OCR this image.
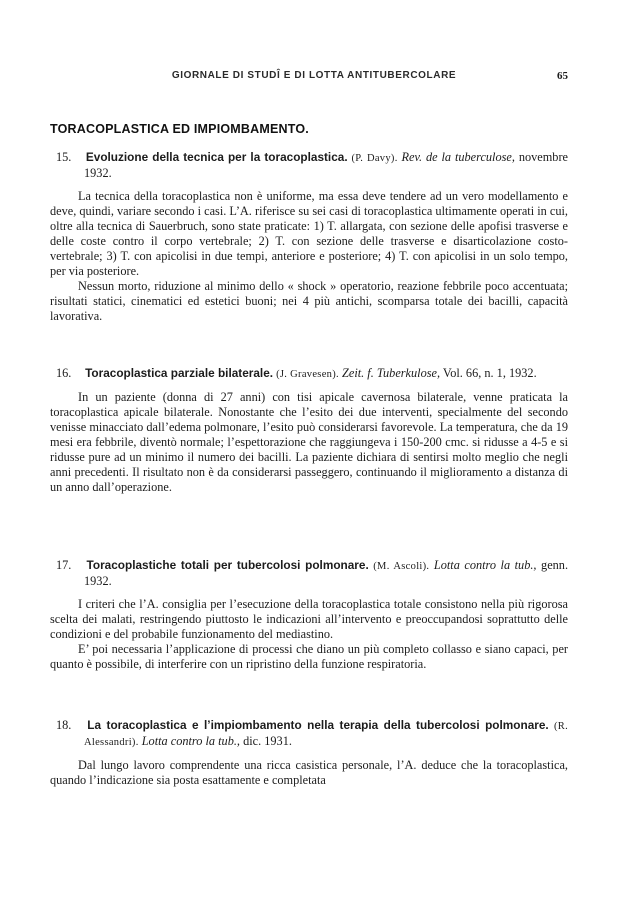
GIORNALE DI STUDÎ E DI LOTTA ANTITUBERCOLARE	65
TORACOPLASTICA ED IMPIOMBAMENTO.

15. Evoluzione della tecnica per la toracoplastica. (P. Davy). Rev. de la tuberculose, novembre 1932.

La tecnica della toracoplastica non è uniforme, ma essa deve tendere ad un vero modellamento e deve, quindi, variare secondo i casi. L’A. riferisce su sei casi di toracoplastica ultimamente operati in cui, oltre alla tecnica di Sauerbruch, sono state praticate: 1) T. allargata, con sezione delle apofisi trasverse e delle coste contro il corpo vertebrale; 2) T. con sezione delle trasverse e disarticolazione costo-vertebrale; 3) T. con apicolisi in due tempi, anteriore e posteriore; 4) T. con apicolisi in un solo tempo, per via posteriore.

Nessun morto, riduzione al minimo dello « shock » operatorio, reazione febbrile poco accentuata; risultati statici, cinematici ed estetici buoni; nei 4 più antichi, scomparsa totale dei bacilli, capacità lavorativa.

16. Toracoplastica parziale bilaterale. (J. Gravesen). Zeit. f. Tuberkulose, Vol. 66, n. 1, 1932.

In un paziente (donna di 27 anni) con tisi apicale cavernosa bilaterale, venne praticata la toracoplastica apicale bilaterale. Nonostante che l’esito dei due interventi, specialmente del secondo venisse minacciato dall’edema polmonare, l’esito può considerarsi favorevole. La temperatura, che da 19 mesi era febbrile, diventò normale; l’espettorazione che raggiungeva i 150-200 cmc. si ridusse a 4-5 e si ridusse pure ad un minimo il numero dei bacilli. La paziente dichiara di sentirsi molto meglio che negli anni precedenti. Il risultato non è da considerarsi passeggero, continuando il miglioramento a distanza di un anno dall’operazione.

17. Toracoplastiche totali per tubercolosi polmonare. (M. Ascoli). Lotta contro la tub., genn. 1932.

I criteri che l’A. consiglia per l’esecuzione della toracoplastica totale consistono nella più rigorosa scelta dei malati, restringendo piuttosto le indicazioni all’intervento e preoccupandosi soprattutto delle condizioni e del probabile funzionamento del mediastino.

E’ poi necessaria l’applicazione di processi che diano un più completo collasso e siano capaci, per quanto è possibile, di interferire con un ripristino della funzione respiratoria.

18. La toracoplastica e l’impiombamento nella terapia della tubercolosi polmonare. (R. Alessandri). Lotta contro la tub., dic. 1931.

Dal lungo lavoro comprendente una ricca casistica personale, l’A. deduce che la toracoplastica, quando l’indicazione sia posta esattamente e completata
